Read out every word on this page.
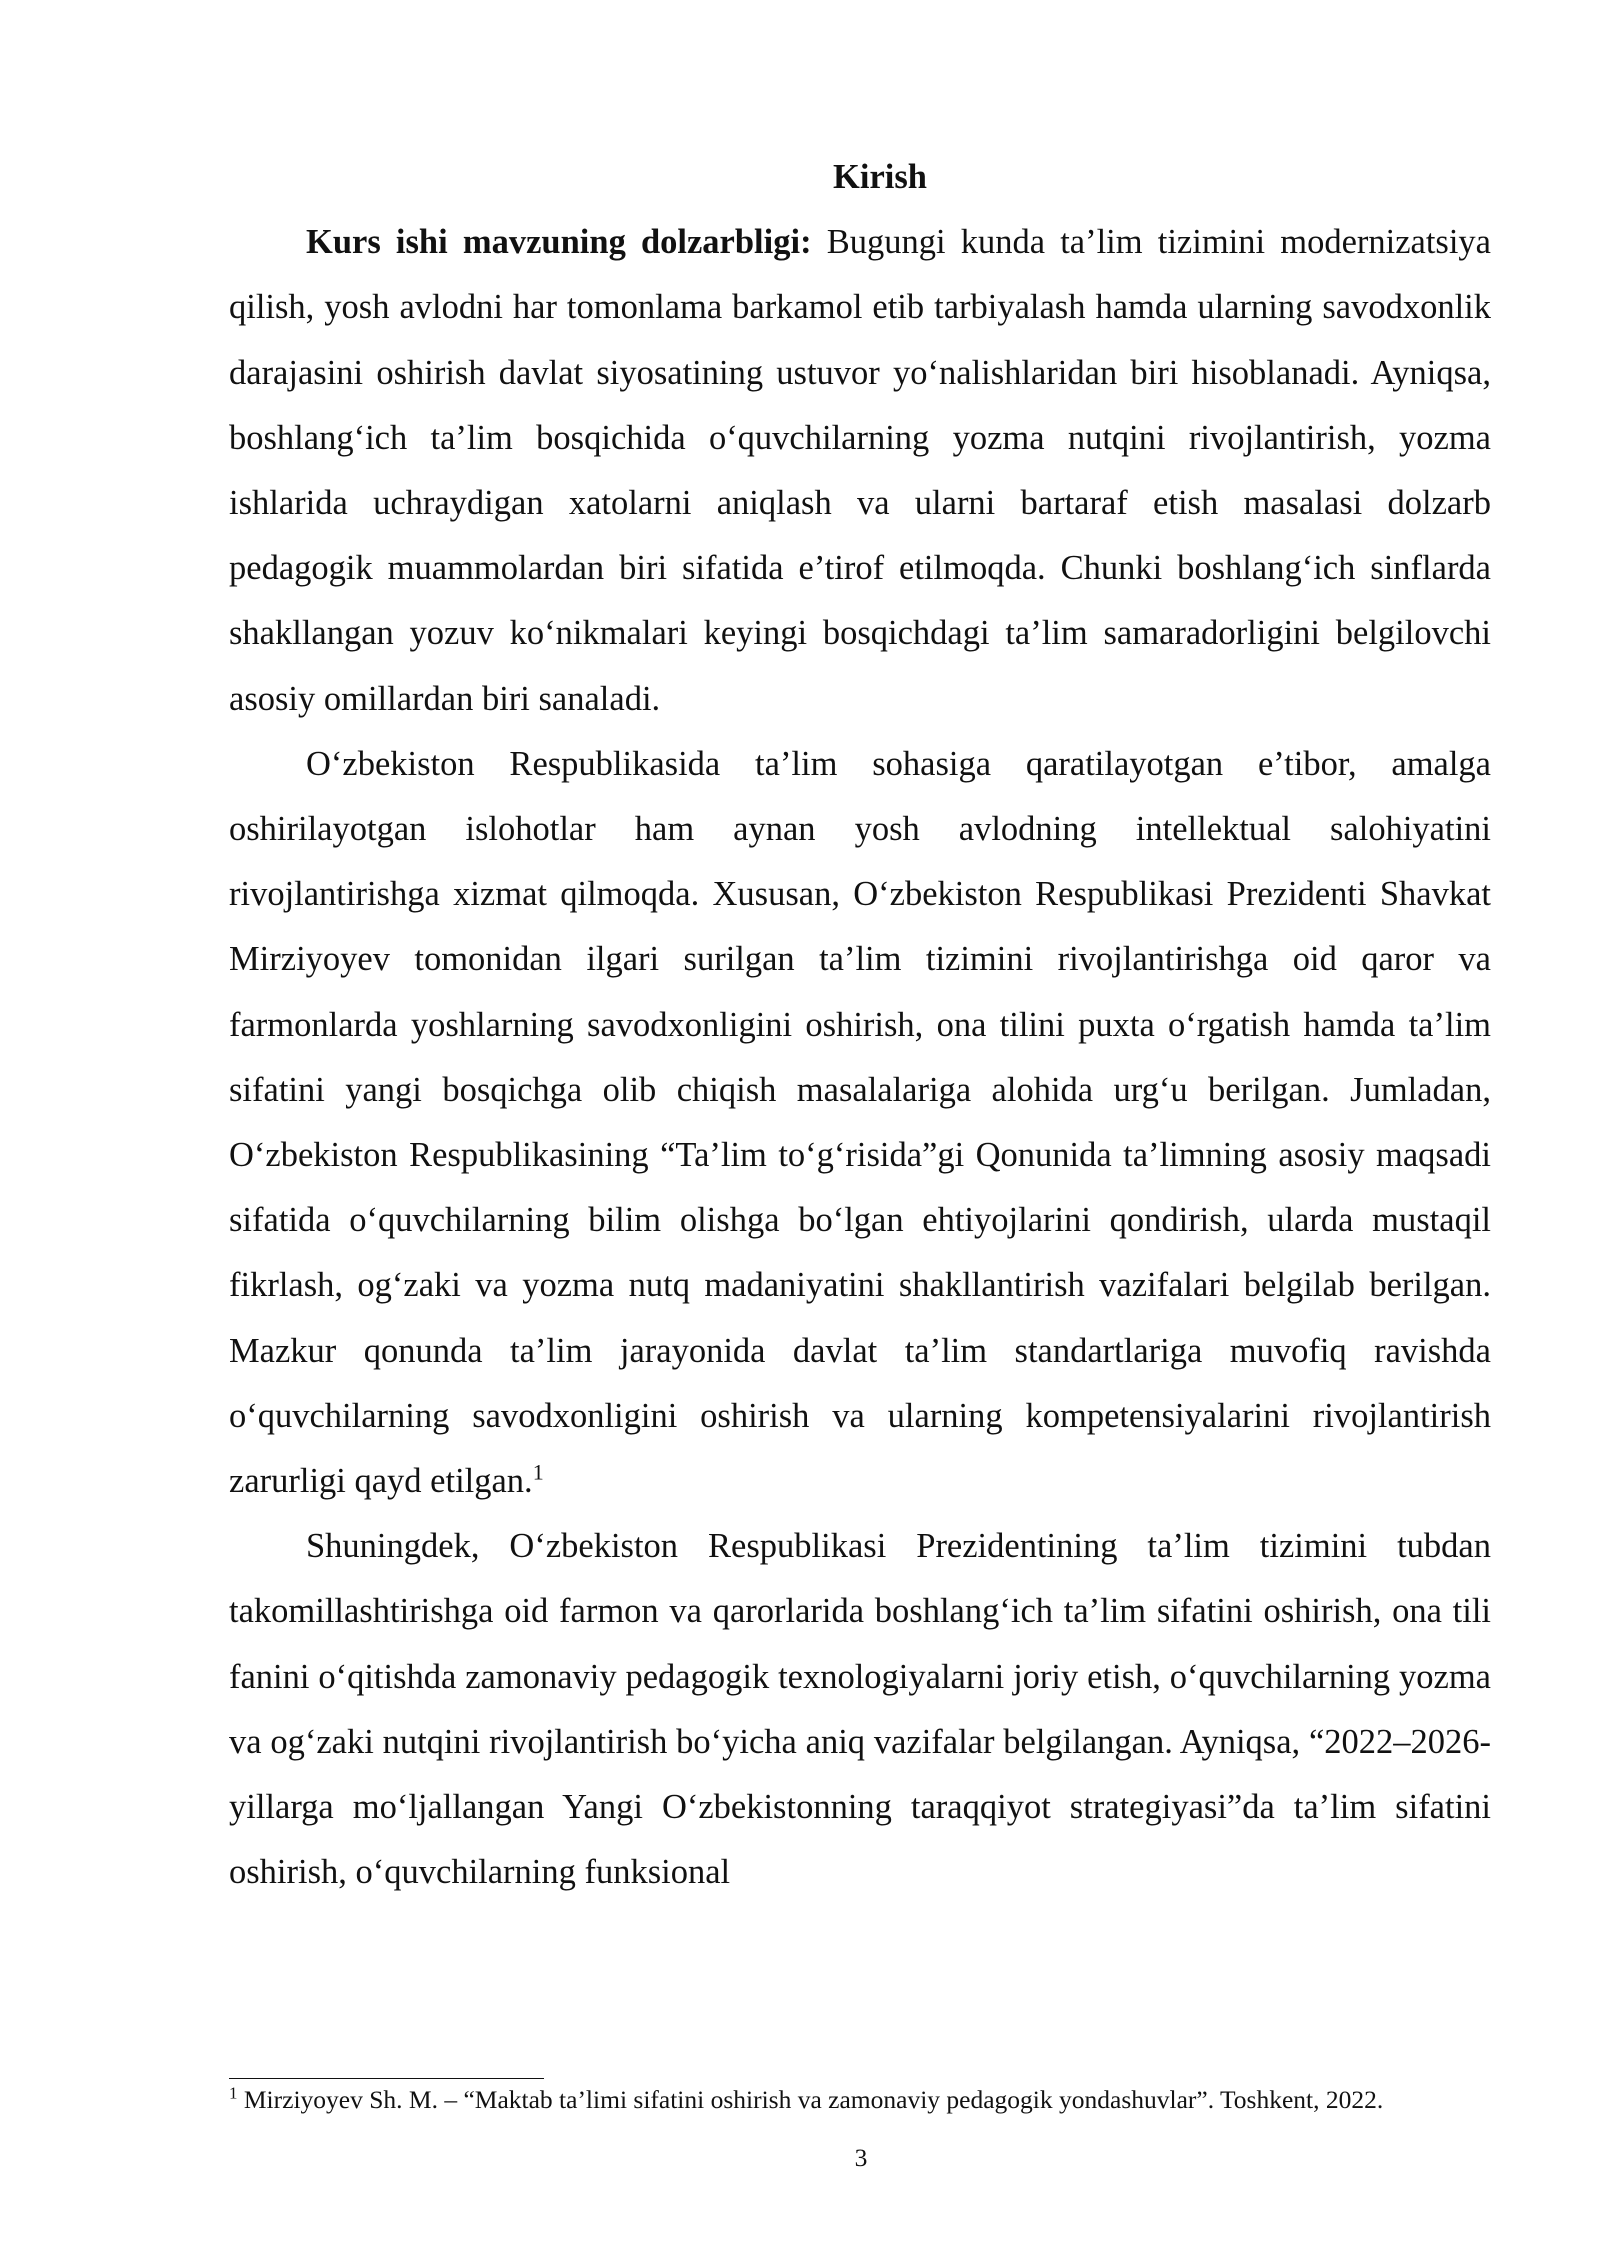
Kirish

Kurs ishi mavzuning dolzarbligi: Bugungi kunda ta’lim tizimini modernizatsiya qilish, yosh avlodni har tomonlama barkamol etib tarbiyalash hamda ularning savodxonlik darajasini oshirish davlat siyosatining ustuvor yo‘nalishlaridan biri hisoblanadi. Ayniqsa, boshlang‘ich ta’lim bosqichida o‘quvchilarning yozma nutqini rivojlantirish, yozma ishlarida uchraydigan xatolarni aniqlash va ularni bartaraf etish masalasi dolzarb pedagogik muammolardan biri sifatida e’tirof etilmoqda. Chunki boshlang‘ich sinflarda shakllangan yozuv ko‘nikmalari keyingi bosqichdagi ta’lim samaradorligini belgilovchi asosiy omillardan biri sanaladi.

O‘zbekiston Respublikasida ta’lim sohasiga qaratilayotgan e’tibor, amalga oshirilayotgan islohotlar ham aynan yosh avlodning intellektual salohiyatini rivojlantirishga xizmat qilmoqda. Xususan, O‘zbekiston Respublikasi Prezidenti Shavkat Mirziyoyev tomonidan ilgari surilgan ta’lim tizimini rivojlantirishga oid qaror va farmonlarda yoshlarning savodxonligini oshirish, ona tilini puxta o‘rgatish hamda ta’lim sifatini yangi bosqichga olib chiqish masalalariga alohida urg‘u berilgan. Jumladan, O‘zbekiston Respublikasining “Ta’lim to‘g‘risida”gi Qonunida ta’limning asosiy maqsadi sifatida o‘quvchilarning bilim olishga bo‘lgan ehtiyojlarini qondirish, ularda mustaqil fikrlash, og‘zaki va yozma nutq madaniyatini shakllantirish vazifalari belgilab berilgan. Mazkur qonunda ta’lim jarayonida davlat ta’lim standartlariga muvofiq ravishda o‘quvchilarning savodxonligini oshirish va ularning kompetensiyalarini rivojlantirish zarurligi qayd etilgan.$^1$

Shuningdek, O‘zbekiston Respublikasi Prezidentining ta’lim tizimini tubdan takomillashtirishga oid farmon va qarorlarida boshlang‘ich ta’lim sifatini oshirish, ona tili fanini o‘qitishda zamonaviy pedagogik texnologiyalarni joriy etish, o‘quvchilarning yozma va og‘zaki nutqini rivojlantirish bo‘yicha aniq vazifalar belgilangan. Ayniqsa, “2022–2026-yillarga mo‘ljallangan Yangi O‘zbekistonning taraqqiyot strategiyasi”da ta’lim sifatini oshirish, o‘quvchilarning funksional

$^1$ Mirziyoyev Sh. M. – “Maktab ta’limi sifatini oshirish va zamonaviy pedagogik yondashuvlar”. Toshkent, 2022.
3
